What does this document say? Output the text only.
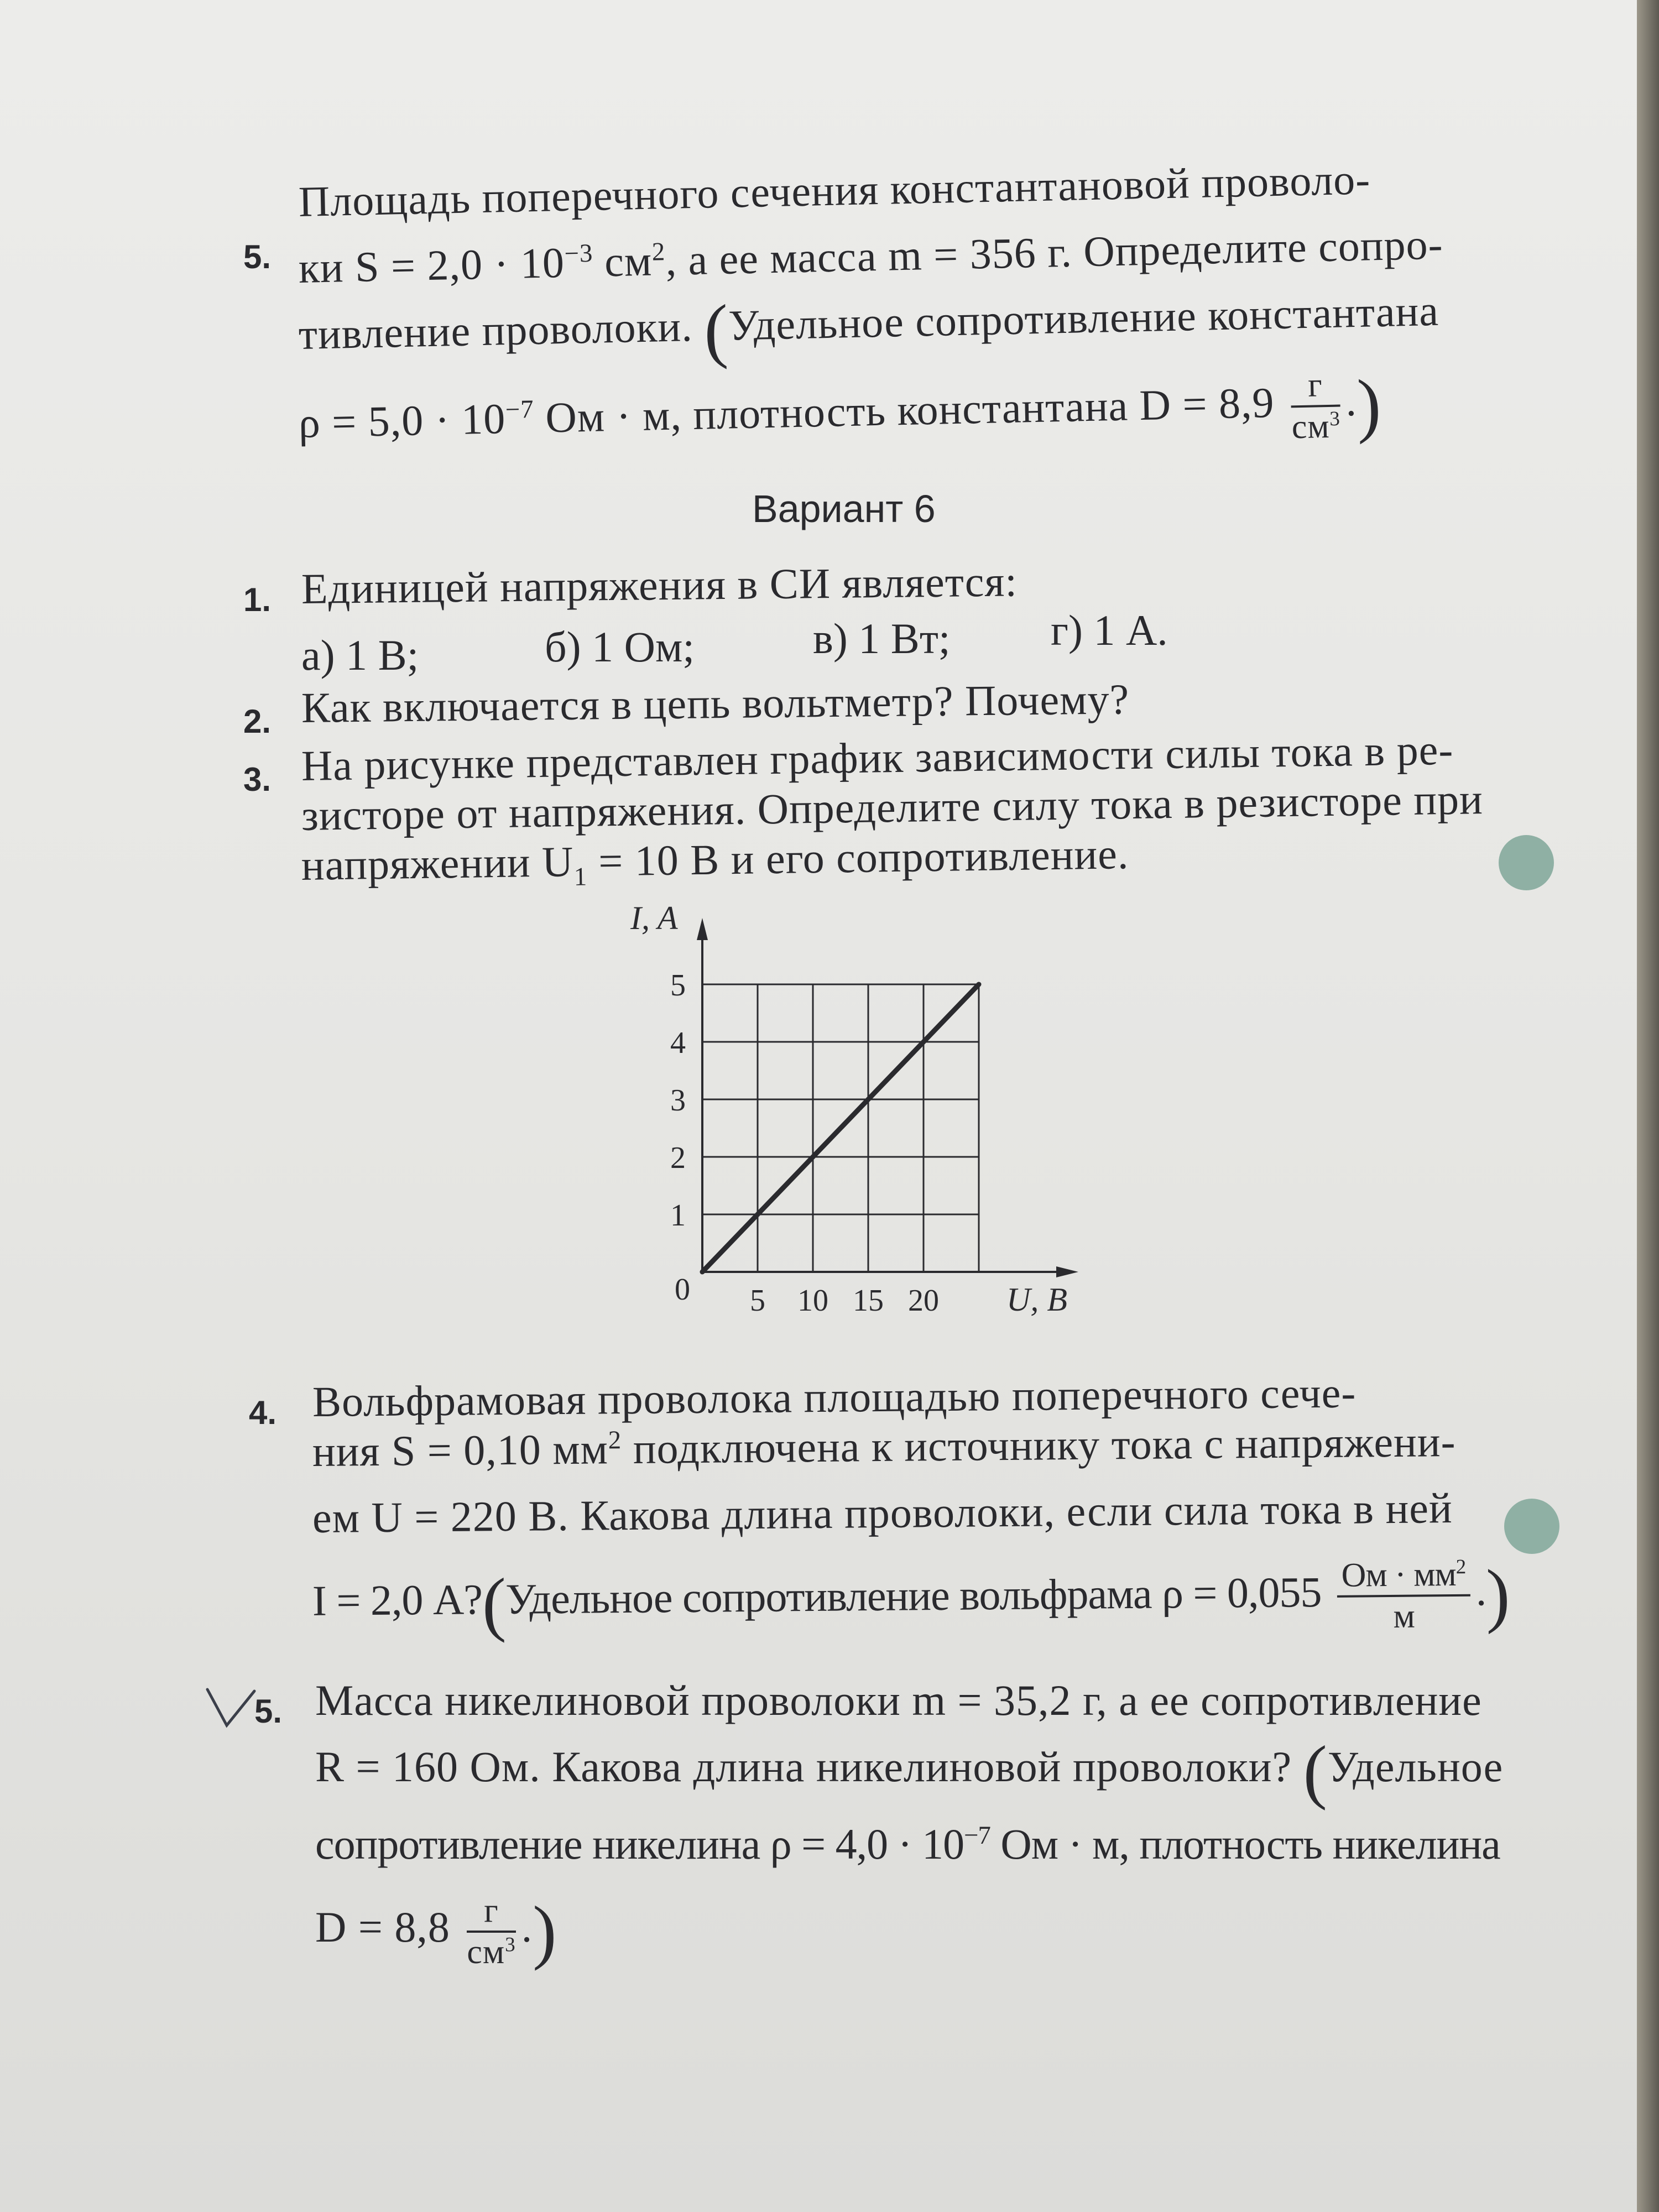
5.
Площадь поперечного сечения константановой проволо-
ки $S = 2,0 \cdot 10^{-3}$ $см^2$, а ее масса m = 356 г. Определите сопро-
тивление проволоки. (Удельное сопротивление константана
$\rho = 5,0 \cdot 10^{-7}$ Ом · м, плотность константана $D = 8,9 \frac{г}{см^3}$ .)
Вариант 6
1. Единицей напряжения в СИ является:
а) 1 В;	б) 1 Ом;	в) 1 Вт; г) 1 А.
2. Как включается в цепь вольтметр? Почему?
3. На рисунке представлен график зависимости силы тока в ре-
зисторе от напряжения. Определите силу тока в резисторе при
напряжении $U_1 = 10$ В и его сопротивление.
5 10 15 20
1
2
3
4
5
I, A
U, В
0
4. Вольфрамовая проволока площадью поперечного сече-
ния S = 0,10 $мм^2$ подключена к источнику тока с напряжени-
ем U = 220 В. Какова длина проволоки, если сила тока в ней
I = 2,0 А?(Удельное сопротивление вольфрама $\rho = 0,055 \frac{Ом \cdot мм^2}{м}$ .)
5. Масса никелиновой проволоки m = 35,2 г, а ее сопротивление
R = 160 Ом. Какова длина никелиновой проволоки? (Удельное
сопротивление никелина $\rho = 4,0 \cdot 10^{-7}$ Ом · м, плотность никелина
$D = 8,8 \frac{г}{см^3}$ .)
